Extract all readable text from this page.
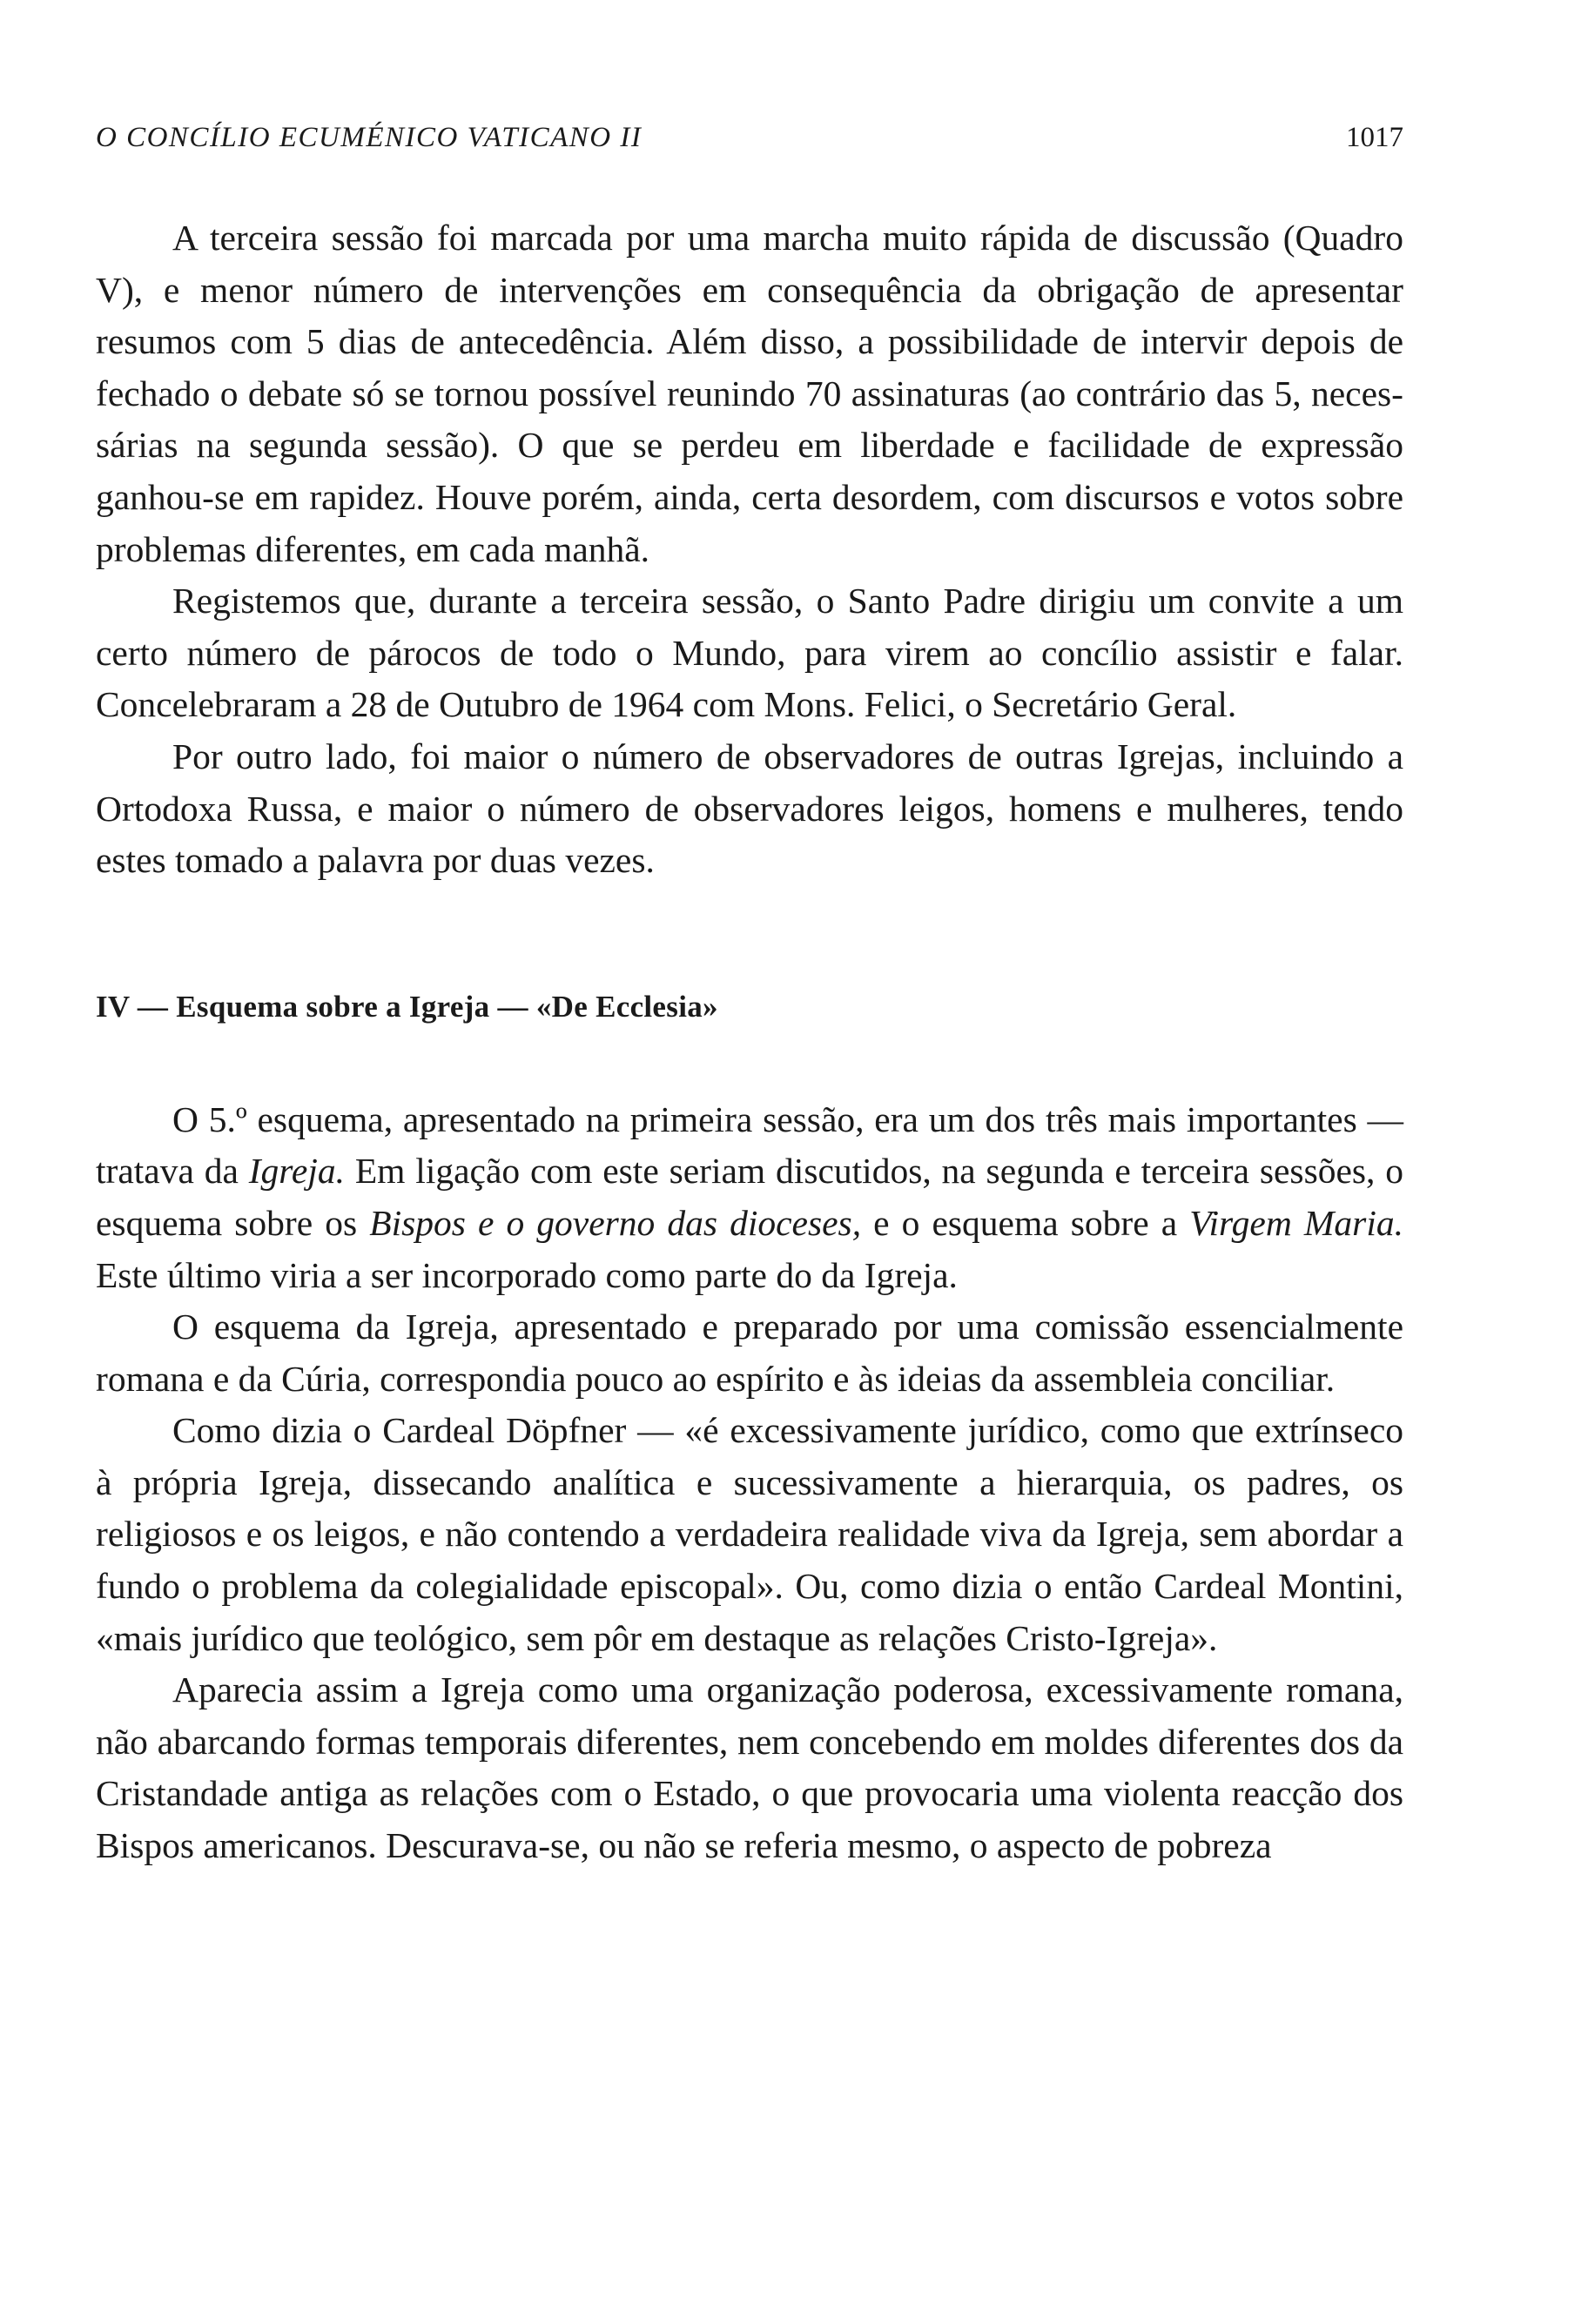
O CONCÍLIO ECUMÉNICO VATICANO II	1017

A terceira sessão foi marcada por uma marcha muito rápida de discussão (Quadro V), e menor número de intervenções em consequência da obrigação de apresentar resumos com 5 dias de antecedência. Além disso, a possibilidade de intervir depois de fechado o debate só se tornou possível reunindo 70 assinaturas (ao contrário das 5, necessárias na segunda sessão). O que se perdeu em liberdade e facilidade de expressão ganhou-se em rapidez. Houve porém, ainda, certa desordem, com discursos e votos sobre problemas diferentes, em cada manhã.

Registemos que, durante a terceira sessão, o Santo Padre dirigiu um convite a um certo número de párocos de todo o Mundo, para virem ao concílio assistir e falar. Concelebraram a 28 de Outubro de 1964 com Mons. Felici, o Secretário Geral.

Por outro lado, foi maior o número de observadores de outras Igrejas, incluindo a Ortodoxa Russa, e maior o número de observadores leigos, homens e mulheres, tendo estes tomado a palavra por duas vezes.

IV — Esquema sobre a Igreja — «De Ecclesia»

O 5.º esquema, apresentado na primeira sessão, era um dos três mais importantes — tratava da Igreja. Em ligação com este seriam discutidos, na segunda e terceira sessões, o esquema sobre os Bispos e o governo das dioceses, e o esquema sobre a Virgem Maria. Este último viria a ser incorporado como parte do da Igreja.

O esquema da Igreja, apresentado e preparado por uma comissão essencialmente romana e da Cúria, correspondia pouco ao espírito e às ideias da assembleia conciliar.

Como dizia o Cardeal Döpfner — «é excessivamente jurídico, como que extrínseco à própria Igreja, dissecando analítica e sucessivamente a hierarquia, os padres, os religiosos e os leigos, e não contendo a verdadeira realidade viva da Igreja, sem abordar a fundo o problema da colegialidade episcopal». Ou, como dizia o então Cardeal Montini, «mais jurídico que teológico, sem pôr em destaque as relações Cristo-Igreja».

Aparecia assim a Igreja como uma organização poderosa, excessivamente romana, não abarcando formas temporais diferentes, nem concebendo em moldes diferentes dos da Cristandade antiga as relações com o Estado, o que provocaria uma violenta reacção dos Bispos americanos. Descurava-se, ou não se referia mesmo, o aspecto de pobreza
